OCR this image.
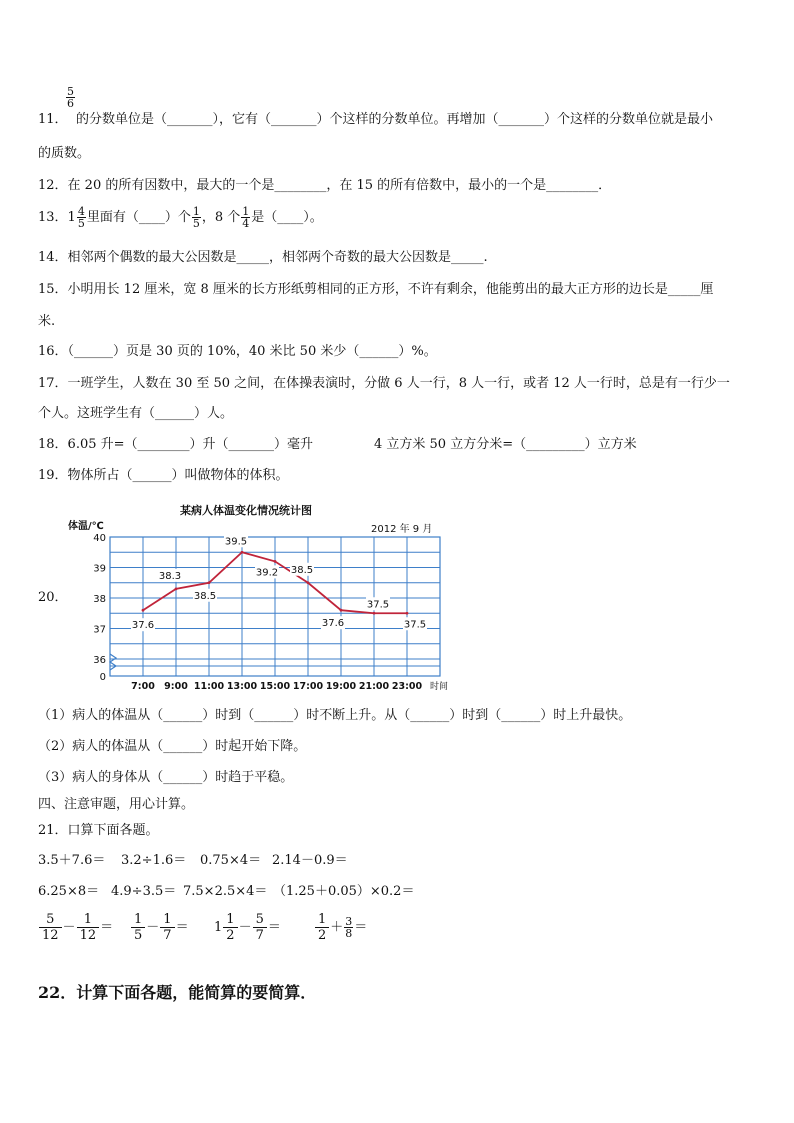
$\frac{5}{6}$
11． 的分数单位是（_______），它有（_______）个这样的分数单位。再增加（_______）个这样的分数单位就是最小
的质数。
12．在 20 的所有因数中，最大的一个是________，在 15 的所有倍数中，最小的一个是________．
13．$1 \frac{4}{5}$ 里面有（____）个 $\frac{1}{5}$ ，8 个 $\frac{1}{4}$ 是（____）。
14．相邻两个偶数的最大公因数是_____，相邻两个奇数的最大公因数是_____.
15．小明用长 12 厘米，宽 8 厘米的长方形纸剪相同的正方形，不许有剩余，他能剪出的最大正方形的边长是_____厘
米.
16．（______）页是 30 页的 10%，40 米比 50 米少（______）%。
17．一班学生，人数在 30 至 50 之间，在体操表演时，分做 6 人一行，8 人一行，或者 12 人一行时，总是有一行少一
个人。这班学生有（______）人。
18．6.05 升=（________）升（_______）毫升	4 立方米 50 立方分米=（_________）立方米
19．物体所占（______）叫做物体的体积。
20．
某病人体温变化情况统计图
2012 年 9 月
体温/℃
时间
40
39
38
37
36
0
7:00 9:00 11:00 13:00 15:00 17:00 19:00 21:00 23:00
37.6
38.3
38.5
39.5
39.2 38.5
37.6
37.5
37.5
（1）病人的体温从（______）时到（______）时不断上升。从（______）时到（______）时上升最快。
（2）病人的体温从（______）时起开始下降。
（3）病人的身体从（______）时趋于平稳。
四、注意审题，用心计算。
21．口算下面各题。
3.5＋7.6＝ 3.2÷1.6＝ 0.75×4＝ 2.14－0.9＝
6.25×8＝ 4.9÷3.5＝ 7.5×2.5×4＝ （1.25＋0.05）×0.2＝
$\frac{5}{12} - \frac{1}{12} = \frac{1}{5} - \frac{1}{7} = 1 \frac{1}{2} - \frac{5}{7}$ ＝	$\frac{1}{2} + \frac{3}{8}$ ＝
22．计算下面各题，能简算的要简算．
